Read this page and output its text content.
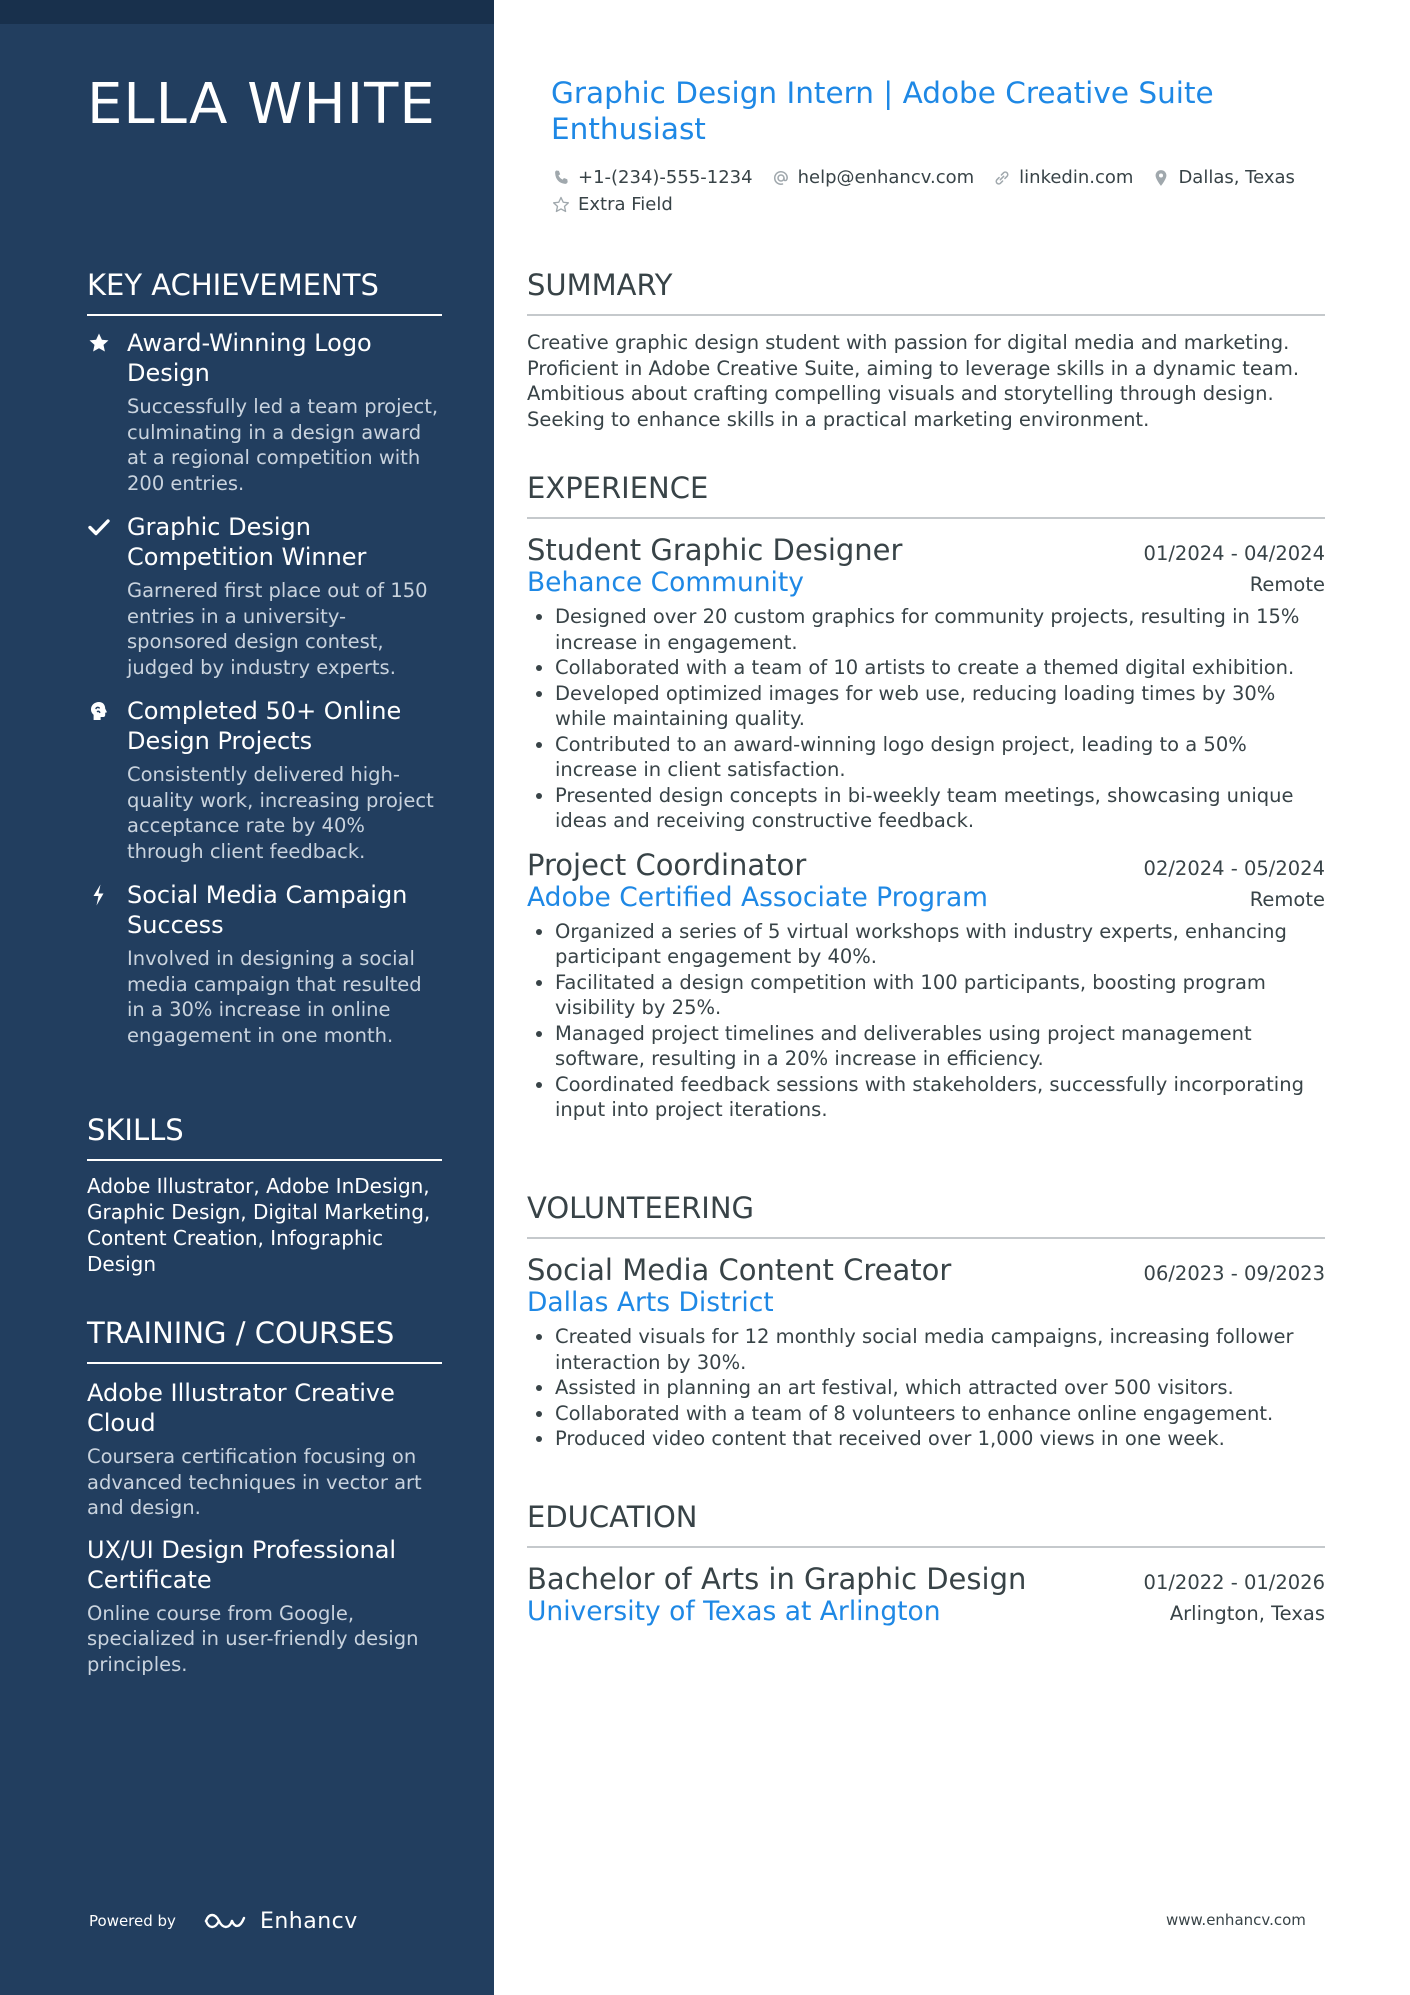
ELLA WHITE
KEY ACHIEVEMENTS
Award-Winning Logo Design
Successfully led a team project, culminating in a design award at a regional competition with 200 entries.
Graphic Design Competition Winner
Garnered first place out of 150 entries in a university-sponsored design contest, judged by industry experts.
Completed 50+ Online Design Projects
Consistently delivered high-quality work, increasing project acceptance rate by 40% through client feedback.
Social Media Campaign Success
Involved in designing a social media campaign that resulted in a 30% increase in online engagement in one month.
SKILLS
Adobe Illustrator, Adobe InDesign, Graphic Design, Digital Marketing, Content Creation, Infographic Design
TRAINING / COURSES
Adobe Illustrator Creative Cloud
Coursera certification focusing on advanced techniques in vector art and design.
UX/UI Design Professional Certificate
Online course from Google, specialized in user-friendly design principles.
Powered by	Enhancv
Graphic Design Intern | Adobe Creative Suite Enthusiast
+1-(234)-555-1234	help@enhancv.com	linkedin.com	Dallas, Texas
Extra Field
SUMMARY
Creative graphic design student with passion for digital media and marketing. Proficient in Adobe Creative Suite, aiming to leverage skills in a dynamic team. Ambitious about crafting compelling visuals and storytelling through design. Seeking to enhance skills in a practical marketing environment.
EXPERIENCE
Student Graphic Designer	01/2024 - 04/2024
Behance Community	Remote
• Designed over 20 custom graphics for community projects, resulting in 15% increase in engagement.
• Collaborated with a team of 10 artists to create a themed digital exhibition.
• Developed optimized images for web use, reducing loading times by 30% while maintaining quality.
• Contributed to an award-winning logo design project, leading to a 50% increase in client satisfaction.
• Presented design concepts in bi-weekly team meetings, showcasing unique ideas and receiving constructive feedback.
Project Coordinator	02/2024 - 05/2024
Adobe Certified Associate Program	Remote
• Organized a series of 5 virtual workshops with industry experts, enhancing participant engagement by 40%.
• Facilitated a design competition with 100 participants, boosting program visibility by 25%.
• Managed project timelines and deliverables using project management software, resulting in a 20% increase in efficiency.
• Coordinated feedback sessions with stakeholders, successfully incorporating input into project iterations.
VOLUNTEERING
Social Media Content Creator	06/2023 - 09/2023
Dallas Arts District
• Created visuals for 12 monthly social media campaigns, increasing follower interaction by 30%.
• Assisted in planning an art festival, which attracted over 500 visitors.
• Collaborated with a team of 8 volunteers to enhance online engagement.
• Produced video content that received over 1,000 views in one week.
EDUCATION
Bachelor of Arts in Graphic Design	01/2022 - 01/2026
University of Texas at Arlington	Arlington, Texas
www.enhancv.com
